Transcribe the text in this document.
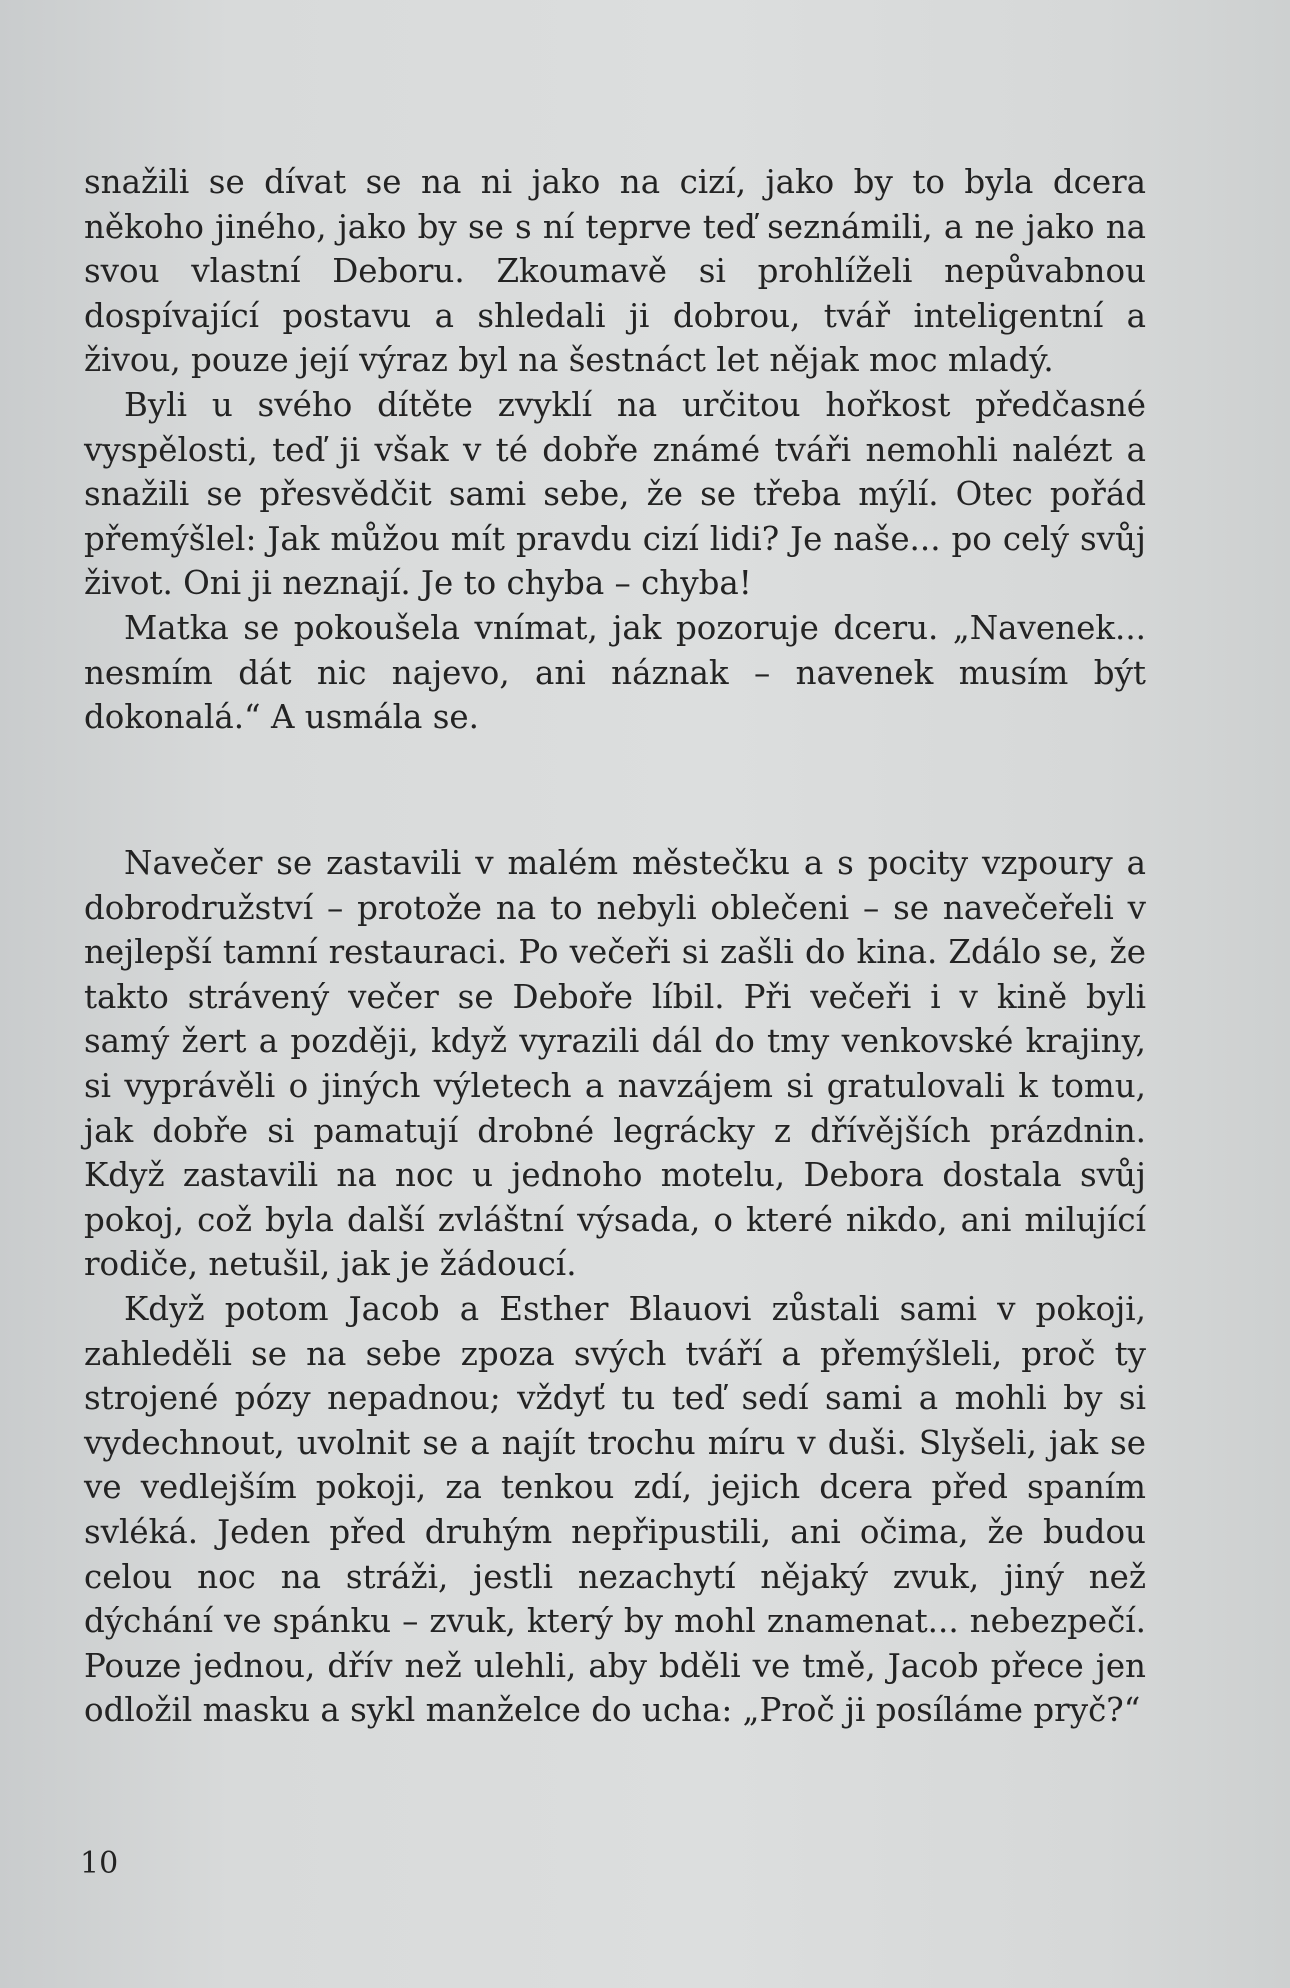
snažili se dívat se na ni jako na cizí, jako by to byla dcera někoho jiného, jako by se s ní teprve teď seznámili, a ne jako na svou vlastní Deboru. Zkoumavě si prohlíželi nepůvabnou dospívající postavu a shledali ji dobrou, tvář inteligentní a živou, pouze její výraz byl na šestnáct let nějak moc mladý.

Byli u svého dítěte zvyklí na určitou hořkost předčasné vyspělosti, teď ji však v té dobře známé tváři nemohli nalézt a snažili se přesvědčit sami sebe, že se třeba mýlí. Otec pořád přemýšlel: Jak můžou mít pravdu cizí lidi? Je naše... po celý svůj život. Oni ji neznají. Je to chyba – chyba!

Matka se pokoušela vnímat, jak pozoruje dceru. „Navenek... nesmím dát nic najevo, ani náznak – navenek musím být dokonalá.“ A usmála se.

Navečer se zastavili v malém městečku a s pocity vzpoury a dobrodružství – protože na to nebyli oblečeni – se navečeřeli v nejlepší tamní restauraci. Po večeři si zašli do kina. Zdálo se, že takto strávený večer se Deboře líbil. Při večeři i v kině byli samý žert a později, když vyrazili dál do tmy venkovské krajiny, si vyprávěli o jiných výletech a navzájem si gratulovali k tomu, jak dobře si pamatují drobné legrácky z dřívějších prázdnin. Když zastavili na noc u jednoho motelu, Debora dostala svůj pokoj, což byla další zvláštní výsada, o které nikdo, ani milující rodiče, netušil, jak je žádoucí.

Když potom Jacob a Esther Blauovi zůstali sami v pokoji, zahleděli se na sebe zpoza svých tváří a přemýšleli, proč ty strojené pózy nepadnou; vždyť tu teď sedí sami a mohli by si vydechnout, uvolnit se a najít trochu míru v duši. Slyšeli, jak se ve vedlejším pokoji, za tenkou zdí, jejich dcera před spaním svléká. Jeden před druhým nepřipustili, ani očima, že budou celou noc na stráži, jestli nezachytí nějaký zvuk, jiný než dýchání ve spánku – zvuk, který by mohl znamenat... nebezpečí. Pouze jednou, dřív než ulehli, aby bděli ve tmě, Jacob přece jen odložil masku a sykl manželce do ucha: „Proč ji posíláme pryč?“

10
